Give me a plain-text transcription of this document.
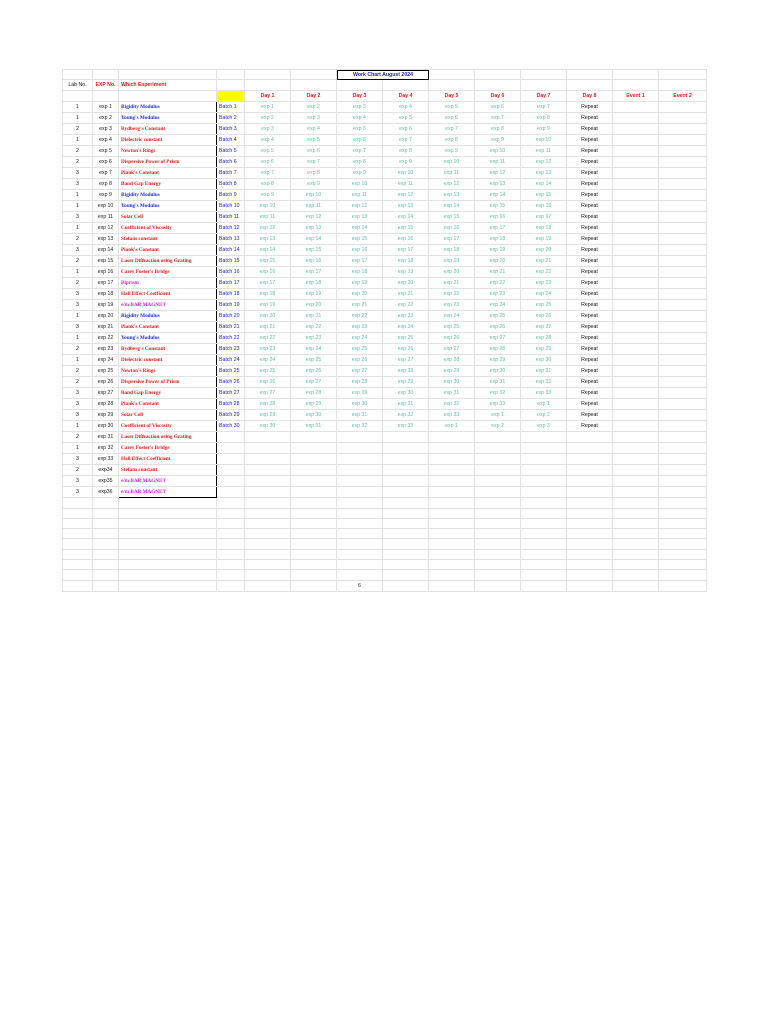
						Work Chart August 2024							

Lab No.	EXP No.	Which Experiment											
				Day 1	Day 2	Day 3	Day 4	Day 5	Day 6	Day 7	Day 8	Event 1	Event 2
1	exp 1	Rigidity Modulus	Batch 1	exp 1	exp 2	exp 3	exp 4	exp 5	exp 6	exp 7	Repeat		
1	exp 2	Young's Modulus	Batch 2	exp 2	exp 3	exp 4	exp 5	exp 6	exp 7	exp 8	Repeat		
2	exp 3	Rydberg's Constant	Batch 3	exp 3	exp 4	exp 5	exp 6	exp 7	exp 8	exp 9	Repeat		
1	exp 4	Dielectric constant	Batch 4	exp 4	exp 5	exp 6	exp 7	exp 8	exp 9	exp 10	Repeat		
2	exp 5	Newton's Rings	Batch 5	exp 5	exp 6	exp 7	exp 8	exp 9	exp 10	exp 11	Repeat		
2	exp 6	Dispersive Power of Prism	Batch 6	exp 6	exp 7	exp 8	exp 9	exp 10	exp 11	exp 12	Repeat		
3	exp 7	Plank's Constant	Batch 7	exp 7	exp 8	exp 9	exp 10	exp 11	exp 12	exp 13	Repeat		
3	exp 8	Band Gap Energy	Batch 8	exp 8	exp 9	exp 10	exp 11	exp 12	exp 13	exp 14	Repeat		
1	exp 9	Rigidity Modulus	Batch 9	exp 9	exp 10	exp 11	exp 12	exp 13	exp 14	exp 15	Repeat		
1	exp 10	Young's Modulus	Batch 10	exp 10	exp 11	exp 12	exp 13	exp 14	exp 15	exp 16	Repeat		
3	exp 11	Solar Cell	Batch 11	exp 11	exp 12	exp 13	exp 14	exp 15	exp 16	exp 17	Repeat		
1	exp 12	Coefficient of Viscosity	Batch 12	exp 12	exp 13	exp 14	exp 15	exp 16	exp 17	exp 18	Repeat		
2	exp 13	Stefans constant	Batch 13	exp 13	exp 14	exp 15	exp 16	exp 17	exp 18	exp 19	Repeat		
3	exp 14	Plank's Constant	Batch 14	exp 14	exp 15	exp 16	exp 17	exp 18	exp 19	exp 20	Repeat		
2	exp 15	Laser Diffraction using Grating	Batch 15	exp 15	exp 16	exp 17	exp 18	exp 19	exp 20	exp 21	Repeat		
1	exp 16	Carey Foster's Bridge	Batch 16	exp 16	exp 17	exp 18	exp 19	exp 20	exp 21	exp 22	Repeat		
2	exp 17	Biprism	Batch 17	exp 17	exp 18	exp 19	exp 20	exp 21	exp 22	exp 23	Repeat		
3	exp 18	Hall Effect Coefficient	Batch 18	exp 18	exp 19	exp 20	exp 21	exp 22	exp 23	exp 24	Repeat		
3	exp 19	e/m BAR MAGNET	Batch 19	exp 19	exp 20	exp 21	exp 22	exp 23	exp 24	exp 25	Repeat		
1	exp 20	Rigidity Modulus	Batch 20	exp 20	exp 21	exp 22	exp 23	exp 24	exp 25	exp 26	Repeat		
3	exp 21	Plank's Constant	Batch 21	exp 21	exp 22	exp 23	exp 24	exp 25	exp 26	exp 27	Repeat		
1	exp 22	Young's Modulus	Batch 22	exp 22	exp 23	exp 24	exp 25	exp 26	exp 27	exp 28	Repeat		
2	exp 23	Rydberg's Constant	Batch 23	exp 23	exp 24	exp 25	exp 26	exp 27	exp 28	exp 29	Repeat		
1	exp 24	Dielectric constant	Batch 24	exp 24	exp 25	exp 26	exp 27	exp 28	exp 29	exp 30	Repeat		
2	exp 25	Newton's Rings	Batch 25	exp 25	exp 26	exp 27	exp 28	exp 29	exp 30	exp 31	Repeat		
2	exp 26	Dispersive Power of Prism	Batch 26	exp 26	exp 27	exp 28	exp 29	exp 30	exp 31	exp 32	Repeat		
3	exp 27	Band Gap Energy	Batch 27	exp 27	exp 28	exp 29	exp 30	exp 31	exp 32	exp 33	Repeat		
3	exp 28	Plank's Constant	Batch 28	exp 28	exp 29	exp 30	exp 31	exp 32	exp 33	exp 1	Repeat		
3	exp 29	Solar Cell	Batch 29	exp 29	exp 30	exp 31	exp 32	exp 33	exp 1	exp 2	Repeat		
1	exp 30	Coefficient of Viscosity	Batch 30	exp 30	exp 31	exp 32	exp 33	exp 1	exp 2	exp 3	Repeat		
2	exp 31	Laser Diffraction using Grating											
1	exp 32	Carey Foster's Bridge											
3	exp 33	Hall Effect Coefficient											
2	exp34	Stefans constant											
3	exp35	e/m BAR MAGNET											
3	exp36	e/m BAR MAGNET											

						6							
